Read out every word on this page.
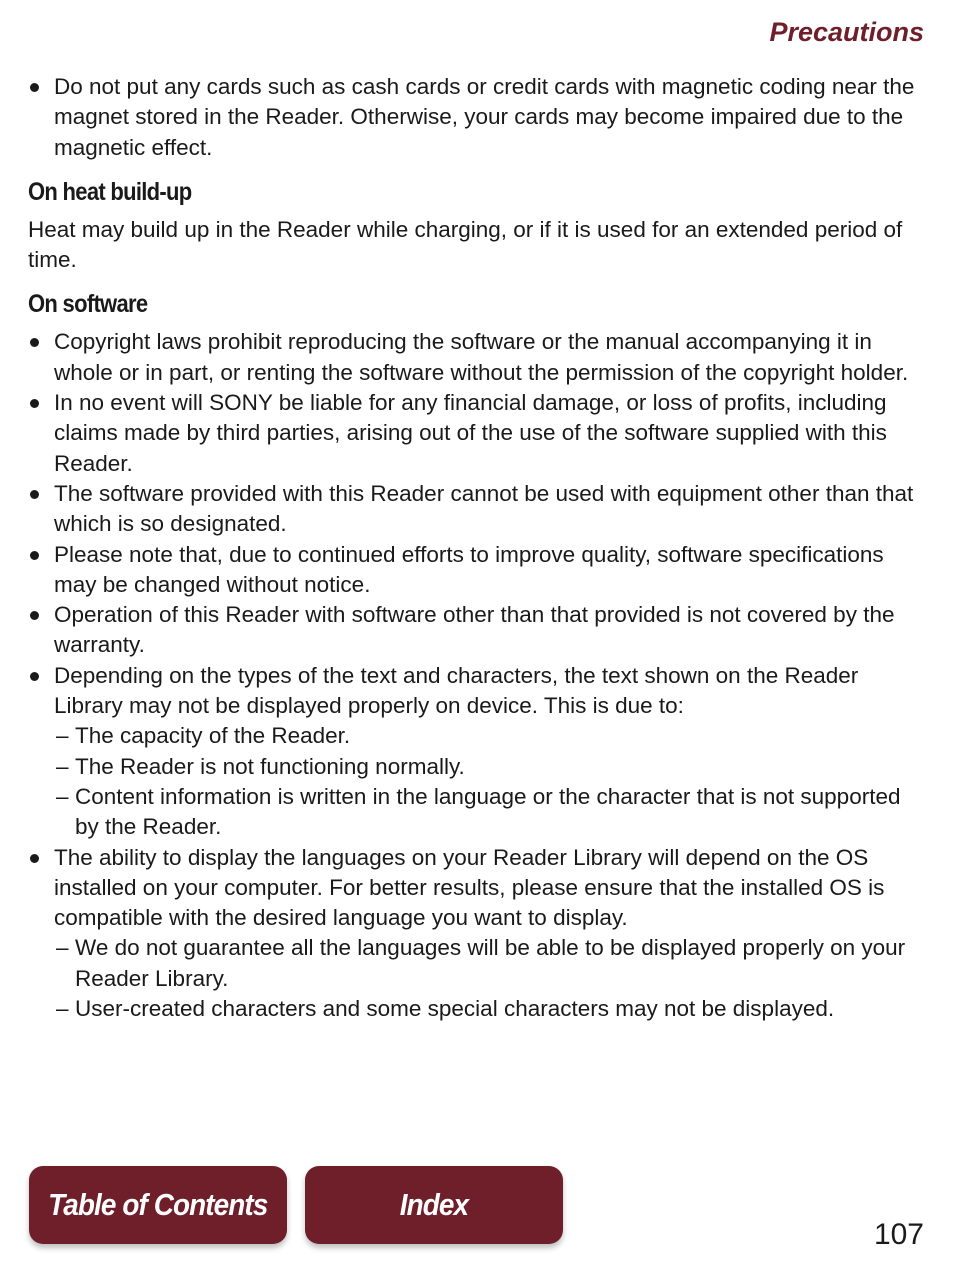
Precautions
Do not put any cards such as cash cards or credit cards with magnetic coding near the magnet stored in the Reader. Otherwise, your cards may become impaired due to the magnetic effect.
On heat build-up

Heat may build up in the Reader while charging, or if it is used for an extended period of time.

On software
Copyright laws prohibit reproducing the software or the manual accompanying it in whole or in part, or renting the software without the permission of the copyright holder.
In no event will SONY be liable for any financial damage, or loss of profits, including claims made by third parties, arising out of the use of the software supplied with this Reader.
The software provided with this Reader cannot be used with equipment other than that which is so designated.
Please note that, due to continued efforts to improve quality, software specifications may be changed without notice.
Operation of this Reader with software other than that provided is not covered by the warranty.
Depending on the types of the text and characters, the text shown on the Reader Library may not be displayed properly on device. This is due to:
– The capacity of the Reader.
– The Reader is not functioning normally.
– Content information is written in the language or the character that is not supported by the Reader.
The ability to display the languages on your Reader Library will depend on the OS installed on your computer. For better results, please ensure that the installed OS is compatible with the desired language you want to display.
– We do not guarantee all the languages will be able to be displayed properly on your Reader Library.
– User-created characters and some special characters may not be displayed.
Table of Contents	Index
107
